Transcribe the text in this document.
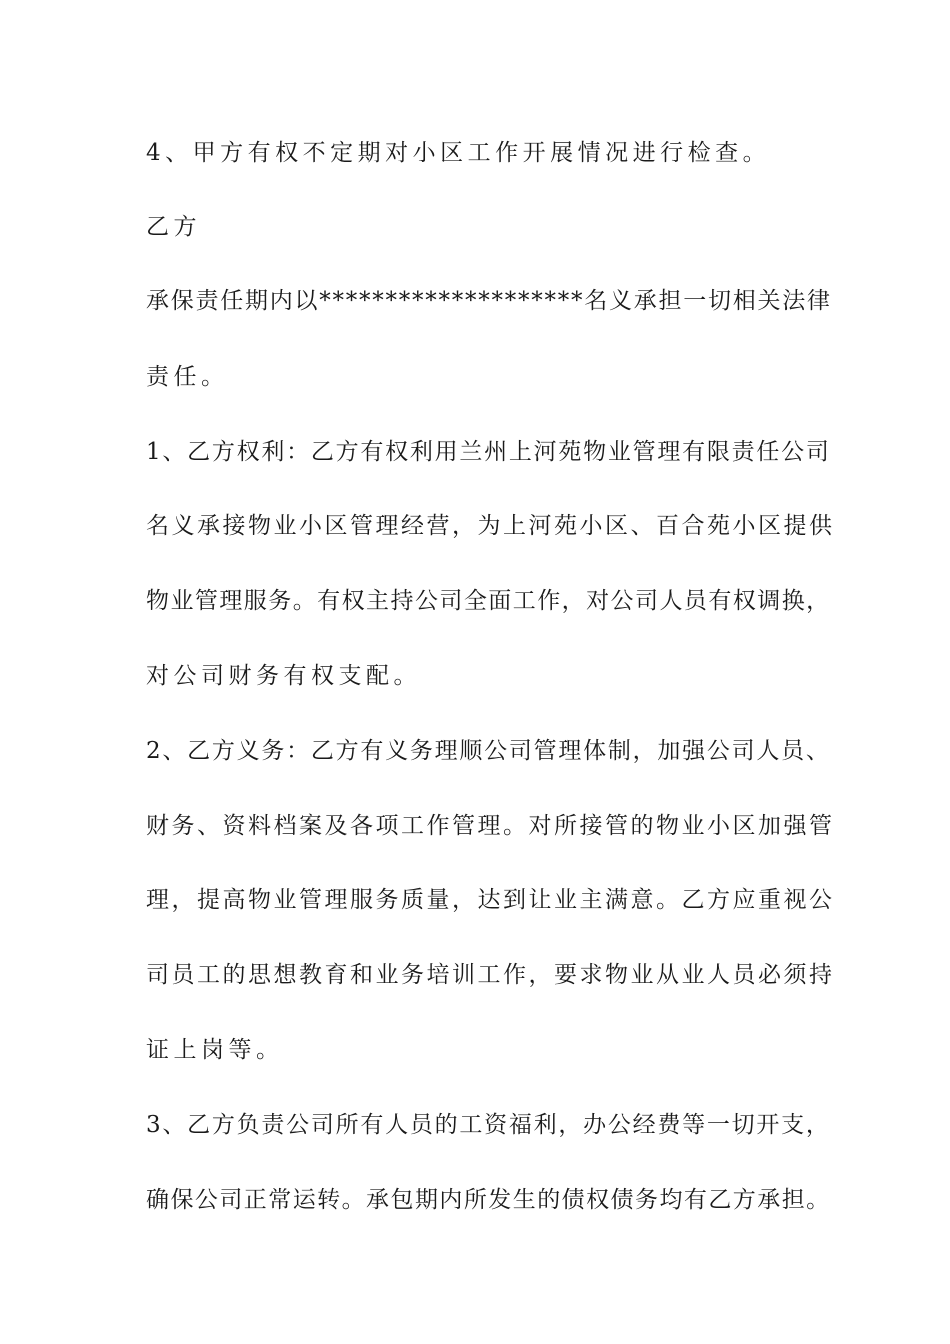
4、甲方有权不定期对小区工作开展情况进行检查。

乙方

承保责任期内以********************名义承担一切相关法律

责任。

1、乙方权利：乙方有权利用兰州上河苑物业管理有限责任公司

名义承接物业小区管理经营，为上河苑小区、百合苑小区提供

物业管理服务。有权主持公司全面工作，对公司人员有权调换，

对公司财务有权支配。

2、乙方义务：乙方有义务理顺公司管理体制，加强公司人员、

财务、资料档案及各项工作管理。对所接管的物业小区加强管

理，提高物业管理服务质量，达到让业主满意。乙方应重视公

司员工的思想教育和业务培训工作，要求物业从业人员必须持

证上岗等。

3、乙方负责公司所有人员的工资福利，办公经费等一切开支，

确保公司正常运转。承包期内所发生的债权债务均有乙方承担。
